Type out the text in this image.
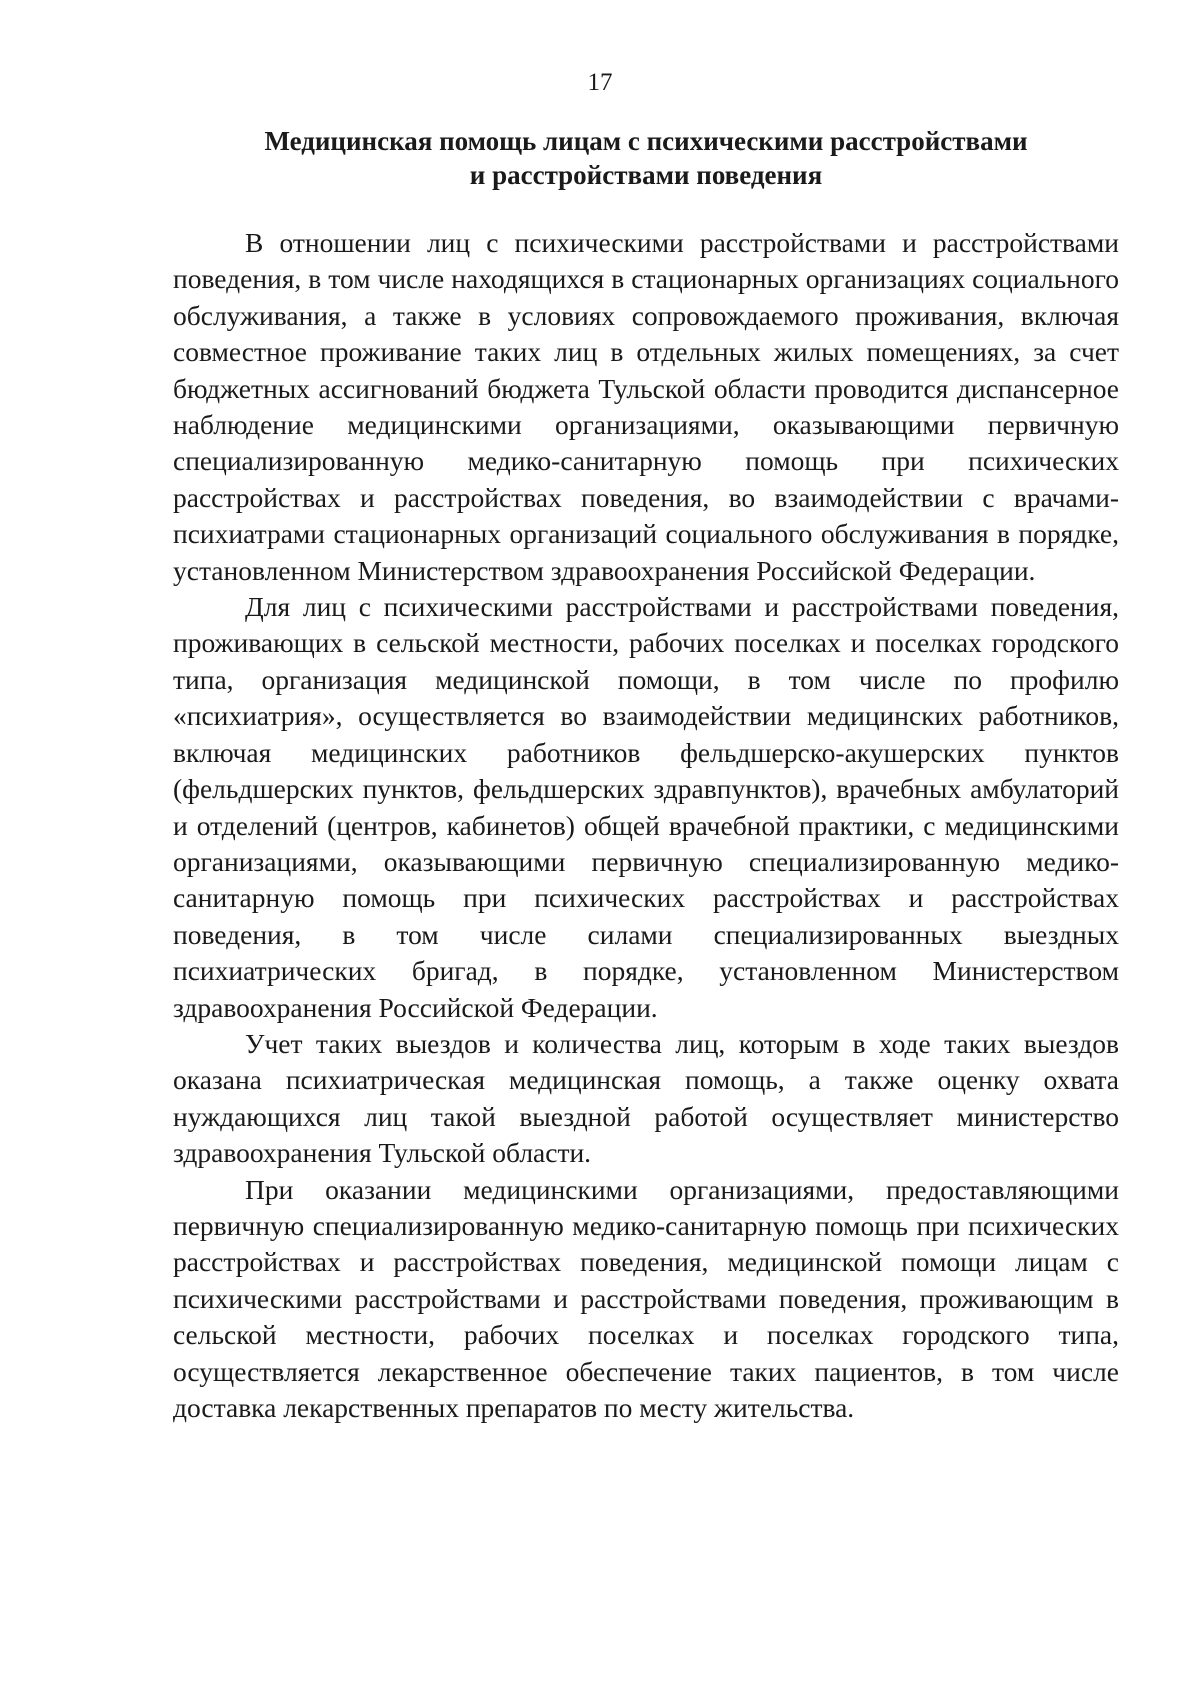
17
Медицинская помощь лицам с психическими расстройствами
и расстройствами поведения

В отношении лиц с психическими расстройствами и расстройствами поведения, в том числе находящихся в стационарных организациях социального обслуживания, а также в условиях сопровождаемого проживания, включая совместное проживание таких лиц в отдельных жилых помещениях, за счет бюджетных ассигнований бюджета Тульской области проводится диспансерное наблюдение медицинскими организациями, оказывающими первичную специализированную медико-санитарную помощь при психических расстройствах и расстройствах поведения, во взаимодействии с врачами-психиатрами стационарных организаций социального обслуживания в порядке, установленном Министерством здравоохранения Российской Федерации.

Для лиц с психическими расстройствами и расстройствами поведения, проживающих в сельской местности, рабочих поселках и поселках городского типа, организация медицинской помощи, в том числе по профилю «психиатрия», осуществляется во взаимодействии медицинских работников, включая медицинских работников фельдшерско-акушерских пунктов (фельдшерских пунктов, фельдшерских здравпунктов), врачебных амбулаторий и отделений (центров, кабинетов) общей врачебной практики, с медицинскими организациями, оказывающими первичную специализированную медико-санитарную помощь при психических расстройствах и расстройствах поведения, в том числе силами специализированных выездных психиатрических бригад, в порядке, установленном Министерством здравоохранения Российской Федерации.

Учет таких выездов и количества лиц, которым в ходе таких выездов оказана психиатрическая медицинская помощь, а также оценку охвата нуждающихся лиц такой выездной работой осуществляет министерство здравоохранения Тульской области.

При оказании медицинскими организациями, предоставляющими первичную специализированную медико-санитарную помощь при психических расстройствах и расстройствах поведения, медицинской помощи лицам с психическими расстройствами и расстройствами поведения, проживающим в сельской местности, рабочих поселках и поселках городского типа, осуществляется лекарственное обеспечение таких пациентов, в том числе доставка лекарственных препаратов по месту жительства.
